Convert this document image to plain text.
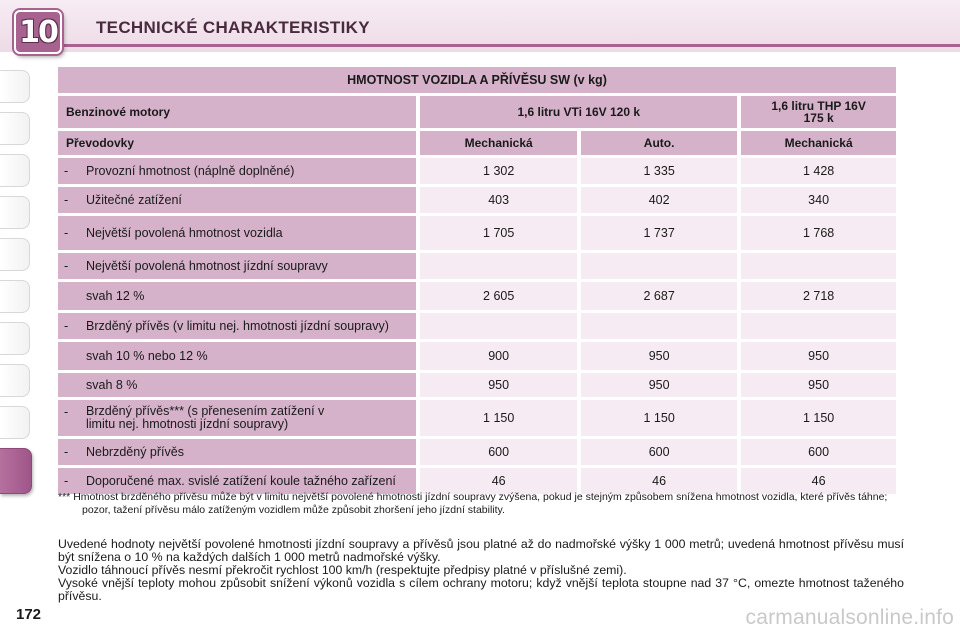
10	TECHNICKÉ CHARAKTERISTIKY
HMOTNOST VOZIDLA A PŘÍVĚSU SW (v kg)			
Benzinové motory	1,6 litru VTi 16V 120 k		1,6 litru THP 16V
175 k

Převodovky	Mechanická	Auto.	Mechanická

- Provozní hmotnost (náplně doplněné)	1 302	1 335	1 428

- Užitečné zatížení	403	402	340

- Největší povolená hmotnost vozidla	1 705	1 737	1 768

- Největší povolená hmotnost jízdní soupravy			

svah 12 %	2 605	2 687	2 718

- Brzděný přívěs (v limitu nej. hmotnosti jízdní soupravy)			

svah 10 % nebo 12 %	900	950	950

svah 8 %	950	950	950

- Brzděný přívěs*** (s přenesením zatížení v
limitu nej. hmotnosti jízdní soupravy)	1 150	1 150	1 150

- Nebrzděný přívěs	600	600	600

- Doporučené max. svislé zatížení koule tažného zařízení	46	46	46
*** Hmotnost brzděného přívěsu může být v limitu největší povolené hmotnosti jízdní soupravy zvýšena, pokud je stejným způsobem snížena hmotnost vozidla, které přívěs táhne; pozor, tažení přívěsu málo zatíženým vozidlem může způsobit zhoršení jeho jízdní stability.

Uvedené hodnoty největší povolené hmotnosti jízdní soupravy a přívěsů jsou platné až do nadmořské výšky 1 000 metrů; uvedená hmotnost přívěsu musí být snížena o 10 % na každých dalších 1 000 metrů nadmořské výšky.

Vozidlo táhnoucí přívěs nesmí překročit rychlost 100 km/h (respektujte předpisy platné v příslušné zemi).

Vysoké vnější teploty mohou způsobit snížení výkonů vozidla s cílem ochrany motoru; když vnější teplota stoupne nad 37 °C, omezte hmotnost taženého přívěsu.

172	carmanualsonline.info
